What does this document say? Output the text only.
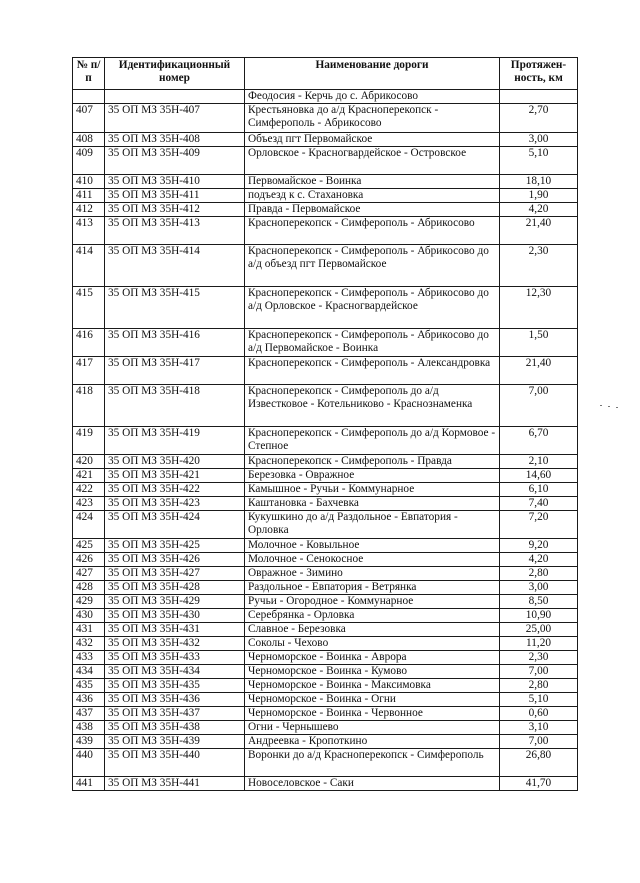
№ п/п	Идентификационный номер	Наименование дороги	Протяжен-ность, км
		Феодосия - Керчь до с. Абрикосово	
407	35 ОП МЗ 35Н-407	Крестьяновка до а/д Красноперекопск - Симферополь - Абрикосово	2,70
408	35 ОП МЗ 35Н-408	Объезд пгт Первомайское	3,00
409	35 ОП МЗ 35Н-409	Орловское - Красногвардейское - Островское	5,10
410	35 ОП МЗ 35Н-410	Первомайское - Воинка	18,10
411	35 ОП МЗ 35Н-411	подъезд к с. Стахановка	1,90
412	35 ОП МЗ 35Н-412	Правда - Первомайское	4,20
413	35 ОП МЗ 35Н-413	Красноперекопск - Симферополь - Абрикосово	21,40
414	35 ОП МЗ 35Н-414	Красноперекопск - Симферополь - Абрикосово до а/д объезд пгт Первомайское	2,30
415	35 ОП МЗ 35Н-415	Красноперекопск - Симферополь - Абрикосово до а/д Орловское - Красногвардейское	12,30
416	35 ОП МЗ 35Н-416	Красноперекопск - Симферополь - Абрикосово до а/д Первомайское - Воинка	1,50
417	35 ОП МЗ 35Н-417	Красноперекопск - Симферополь - Александровка	21,40
418	35 ОП МЗ 35Н-418	Красноперекопск - Симферополь до а/д Известковое - Котельниково - Краснознаменка	7,00
419	35 ОП МЗ 35Н-419	Красноперекопск - Симферополь до а/д Кормовое - Степное	6,70
420	35 ОП МЗ 35Н-420	Красноперекопск - Симферополь - Правда	2,10
421	35 ОП МЗ 35Н-421	Березовка - Овражное	14,60
422	35 ОП МЗ 35Н-422	Камышное - Ручьи - Коммунарное	6,10
423	35 ОП МЗ 35Н-423	Каштановка - Бахчевка	7,40
424	35 ОП МЗ 35Н-424	Кукушкино до а/д Раздольное - Евпатория - Орловка	7,20
425	35 ОП МЗ 35Н-425	Молочное - Ковыльное	9,20
426	35 ОП МЗ 35Н-426	Молочное - Сенокосное	4,20
427	35 ОП МЗ 35Н-427	Овражное - Зимино	2,80
428	35 ОП МЗ 35Н-428	Раздольное - Евпатория - Ветрянка	3,00
429	35 ОП МЗ 35Н-429	Ручьи - Огородное - Коммунарное	8,50
430	35 ОП МЗ 35Н-430	Серебрянка - Орловка	10,90
431	35 ОП МЗ 35Н-431	Славное - Березовка	25,00
432	35 ОП МЗ 35Н-432	Соколы - Чехово	11,20
433	35 ОП МЗ 35Н-433	Черноморское - Воинка - Аврора	2,30
434	35 ОП МЗ 35Н-434	Черноморское - Воинка - Кумово	7,00
435	35 ОП МЗ 35Н-435	Черноморское - Воинка - Максимовка	2,80
436	35 ОП МЗ 35Н-436	Черноморское - Воинка - Огни	5,10
437	35 ОП МЗ 35Н-437	Черноморское - Воинка - Червонное	0,60
438	35 ОП МЗ 35Н-438	Огни - Чернышево	3,10
439	35 ОП МЗ 35Н-439	Андреевка - Кропоткино	7,00
440	35 ОП МЗ 35Н-440	Воронки до а/д Красноперекопск - Симферополь	26,80
441	35 ОП МЗ 35Н-441	Новоселовское - Саки	41,70
